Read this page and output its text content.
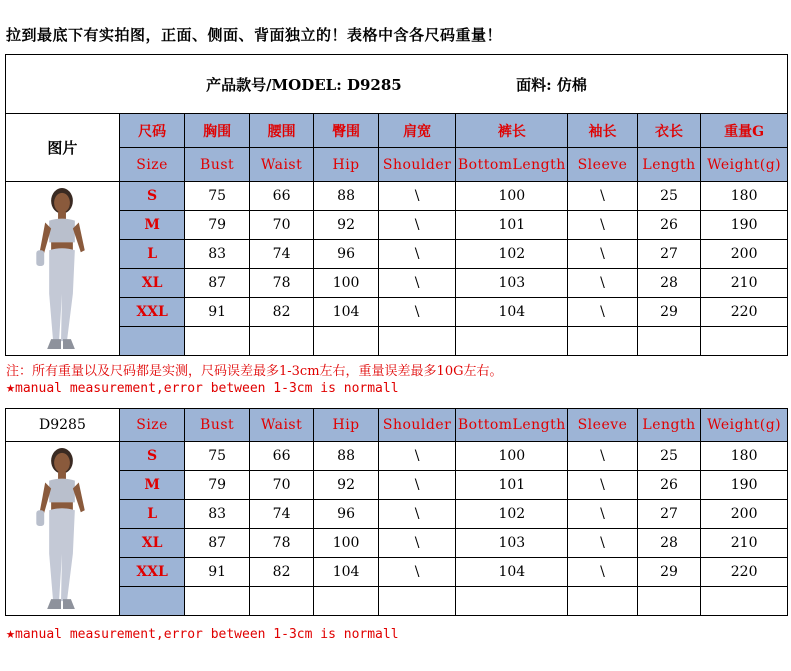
拉到最底下有实拍图，正面、侧面、背面独立的！表格中含各尺码重量！
产品款号/MODEL: D9285 面料: 仿棉									
图片	尺码	胸围	腰围	臀围	肩宽	裤长	袖长	衣长	重量G
	Size	Bust	Waist	Hip	Shoulder	BottomLength	Sleeve	Length	Weight(g)

	S	75	66	88	\	100	\	25	180
	M	79	70	92	\	101	\	26	190
	L	83	74	96	\	102	\	27	200
	XL	87	78	100	\	103	\	28	210
	XXL	91	82	104	\	104	\	29	220

注：所有重量以及尺码都是实测，尺码误差最多1-3cm左右，重量误差最多10G左右。
★manual measurement,error between 1-3cm is normall
D9285	Size	Bust	Waist	Hip	Shoulder	BottomLength	Sleeve	Length	Weight(g)

	S	75	66	88	\	100	\	25	180
	M	79	70	92	\	101	\	26	190
	L	83	74	96	\	102	\	27	200
	XL	87	78	100	\	103	\	28	210
	XXL	91	82	104	\	104	\	29	220

★manual measurement,error between 1-3cm is normall
